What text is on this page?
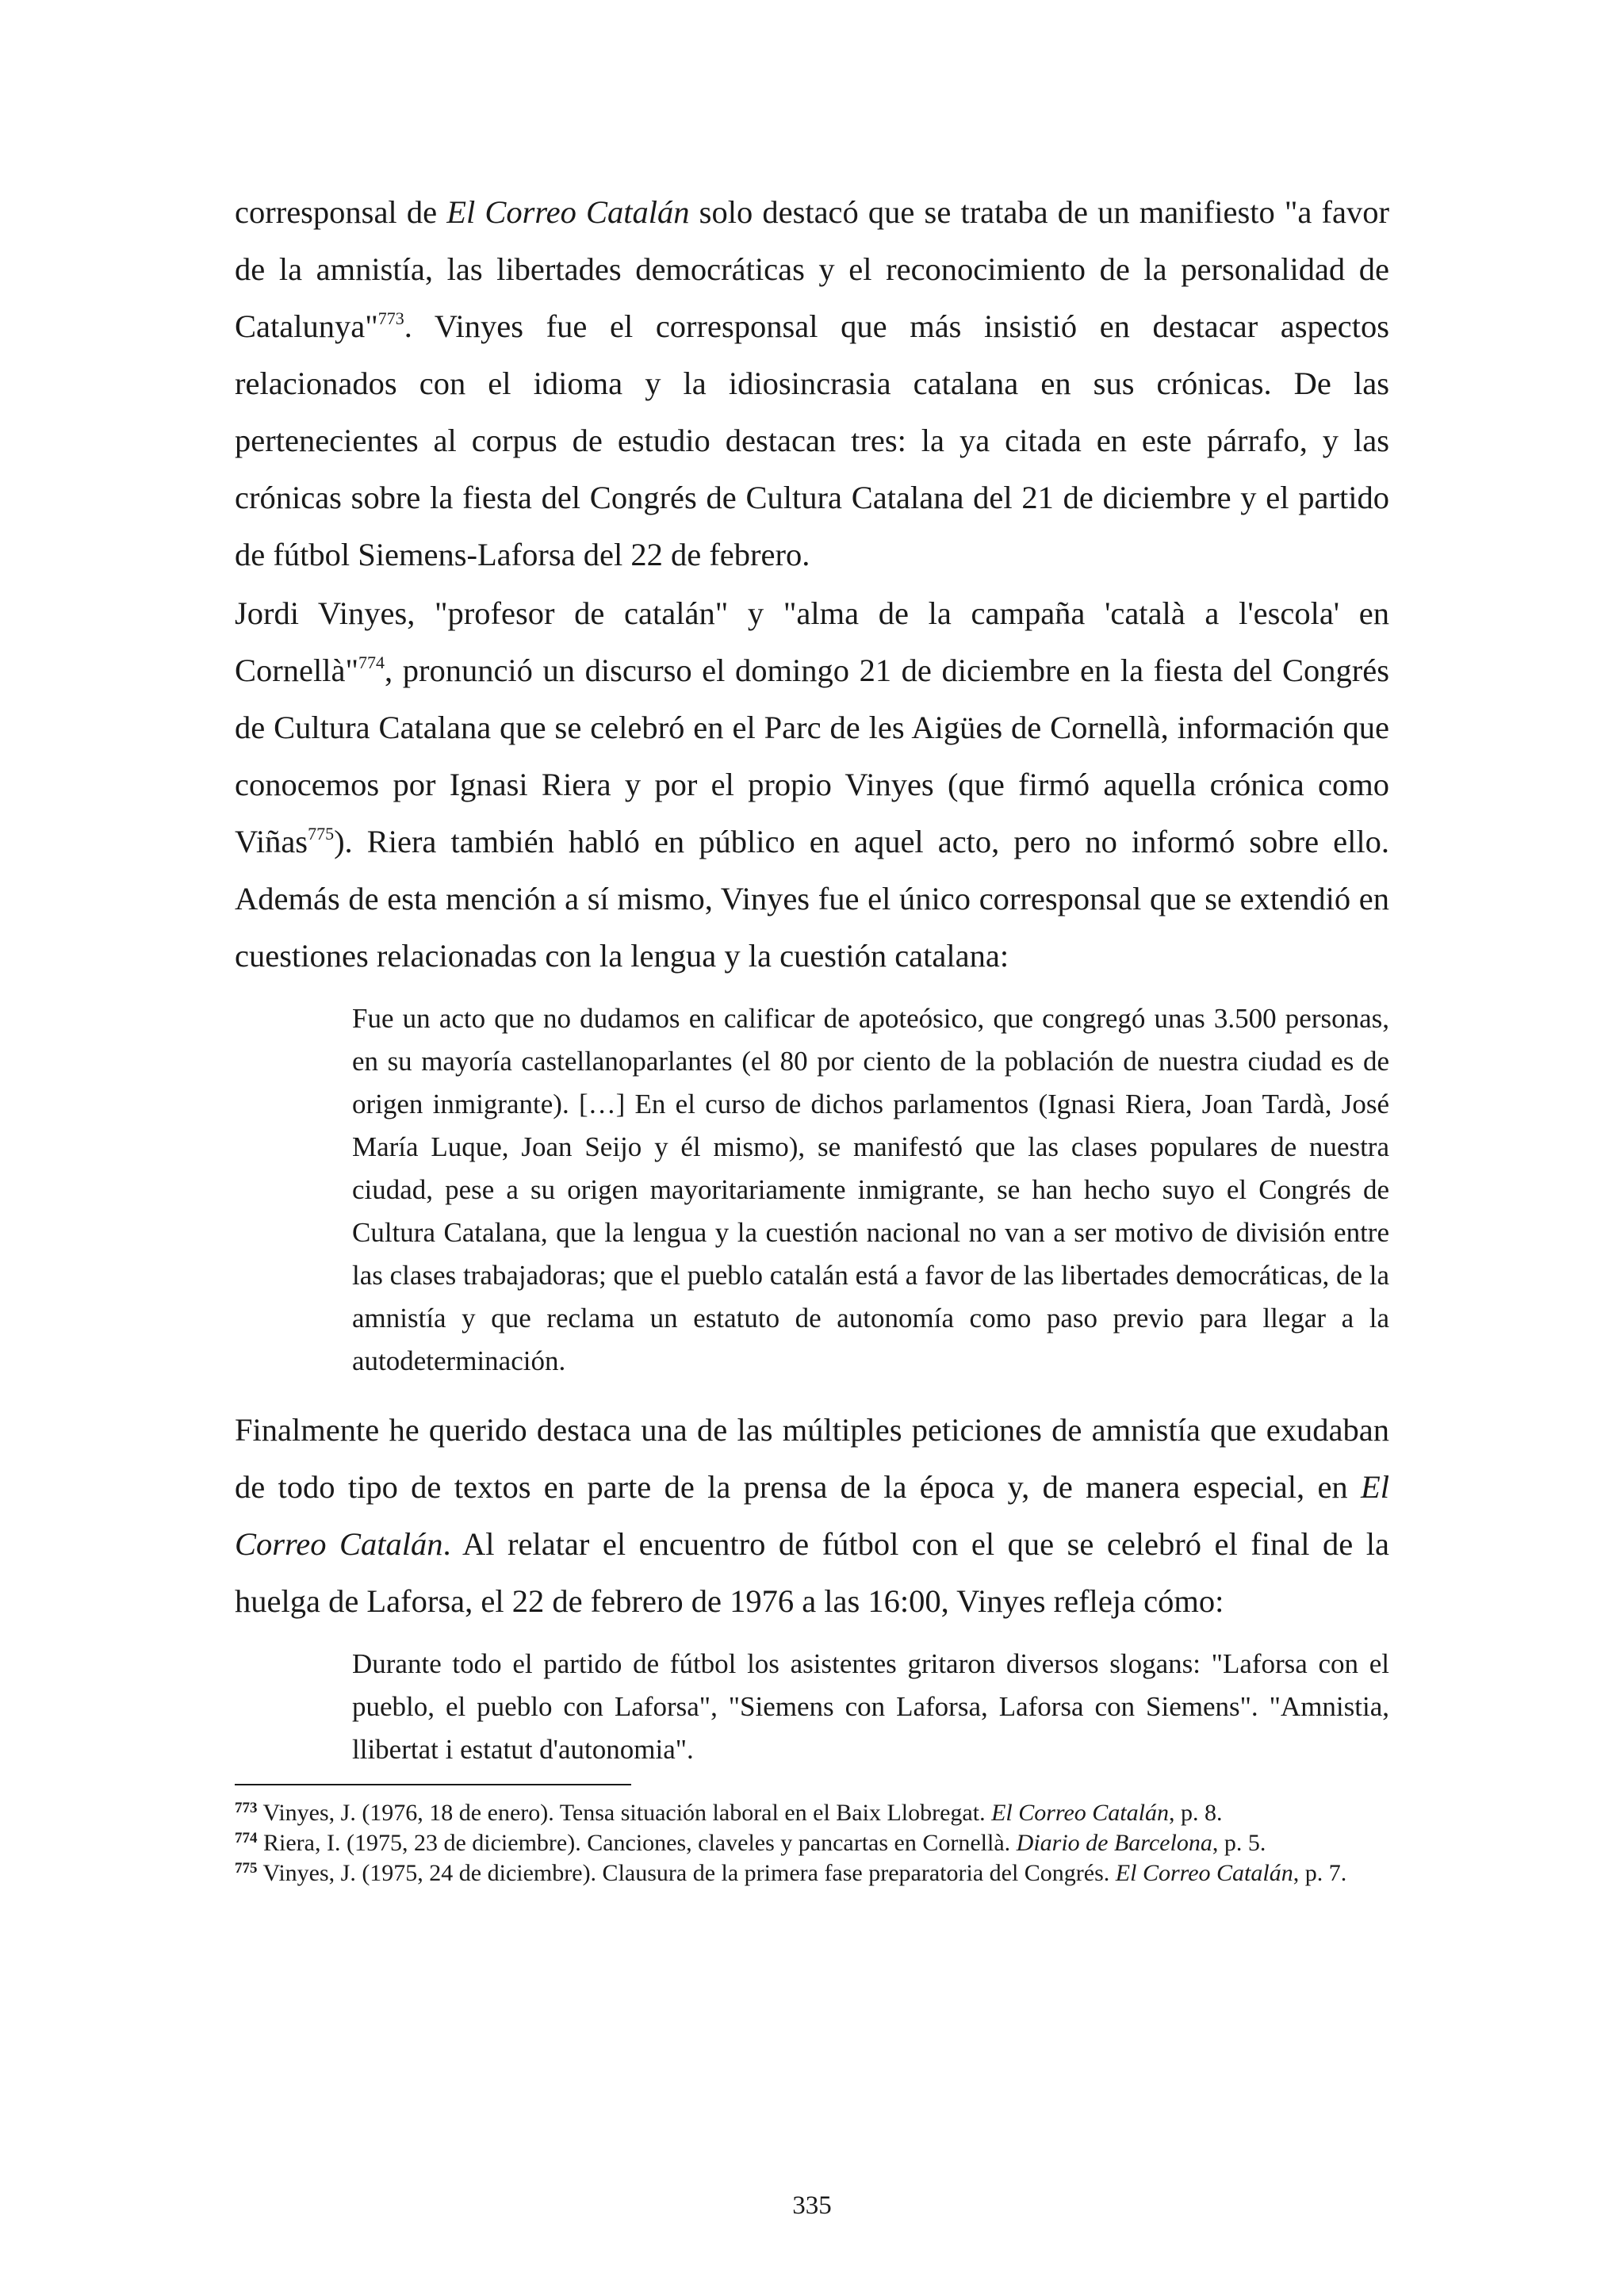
corresponsal de El Correo Catalán solo destacó que se trataba de un manifiesto "a favor de la amnistía, las libertades democráticas y el reconocimiento de la personalidad de Catalunya"$^{773}$. Vinyes fue el corresponsal que más insistió en destacar aspectos relacionados con el idioma y la idiosincrasia catalana en sus crónicas. De las pertenecientes al corpus de estudio destacan tres: la ya citada en este párrafo, y las crónicas sobre la fiesta del Congrés de Cultura Catalana del 21 de diciembre y el partido de fútbol Siemens-Laforsa del 22 de febrero.

Jordi Vinyes, "profesor de catalán" y "alma de la campaña 'català a l'escola' en Cornellà"$^{774}$, pronunció un discurso el domingo 21 de diciembre en la fiesta del Congrés de Cultura Catalana que se celebró en el Parc de les Aigües de Cornellà, información que conocemos por Ignasi Riera y por el propio Vinyes (que firmó aquella crónica como Viñas$^{775}$). Riera también habló en público en aquel acto, pero no informó sobre ello. Además de esta mención a sí mismo, Vinyes fue el único corresponsal que se extendió en cuestiones relacionadas con la lengua y la cuestión catalana:

Fue un acto que no dudamos en calificar de apoteósico, que congregó unas 3.500 personas, en su mayoría castellanoparlantes (el 80 por ciento de la población de nuestra ciudad es de origen inmigrante). […] En el curso de dichos parlamentos (Ignasi Riera, Joan Tardà, José María Luque, Joan Seijo y él mismo), se manifestó que las clases populares de nuestra ciudad, pese a su origen mayoritariamente inmigrante, se han hecho suyo el Congrés de Cultura Catalana, que la lengua y la cuestión nacional no van a ser motivo de división entre las clases trabajadoras; que el pueblo catalán está a favor de las libertades democráticas, de la amnistía y que reclama un estatuto de autonomía como paso previo para llegar a la autodeterminación.

Finalmente he querido destaca una de las múltiples peticiones de amnistía que exudaban de todo tipo de textos en parte de la prensa de la época y, de manera especial, en El Correo Catalán. Al relatar el encuentro de fútbol con el que se celebró el final de la huelga de Laforsa, el 22 de febrero de 1976 a las 16:00, Vinyes refleja cómo:

Durante todo el partido de fútbol los asistentes gritaron diversos slogans: "Laforsa con el pueblo, el pueblo con Laforsa", "Siemens con Laforsa, Laforsa con Siemens". "Amnistia, llibertat i estatut d'autonomia".

$^{773}$ Vinyes, J. (1976, 18 de enero). Tensa situación laboral en el Baix Llobregat. El Correo Catalán, p. 8.

$^{774}$ Riera, I. (1975, 23 de diciembre). Canciones, claveles y pancartas en Cornellà. Diario de Barcelona, p. 5.

$^{775}$ Vinyes, J. (1975, 24 de diciembre). Clausura de la primera fase preparatoria del Congrés. El Correo Catalán, p. 7.

335
